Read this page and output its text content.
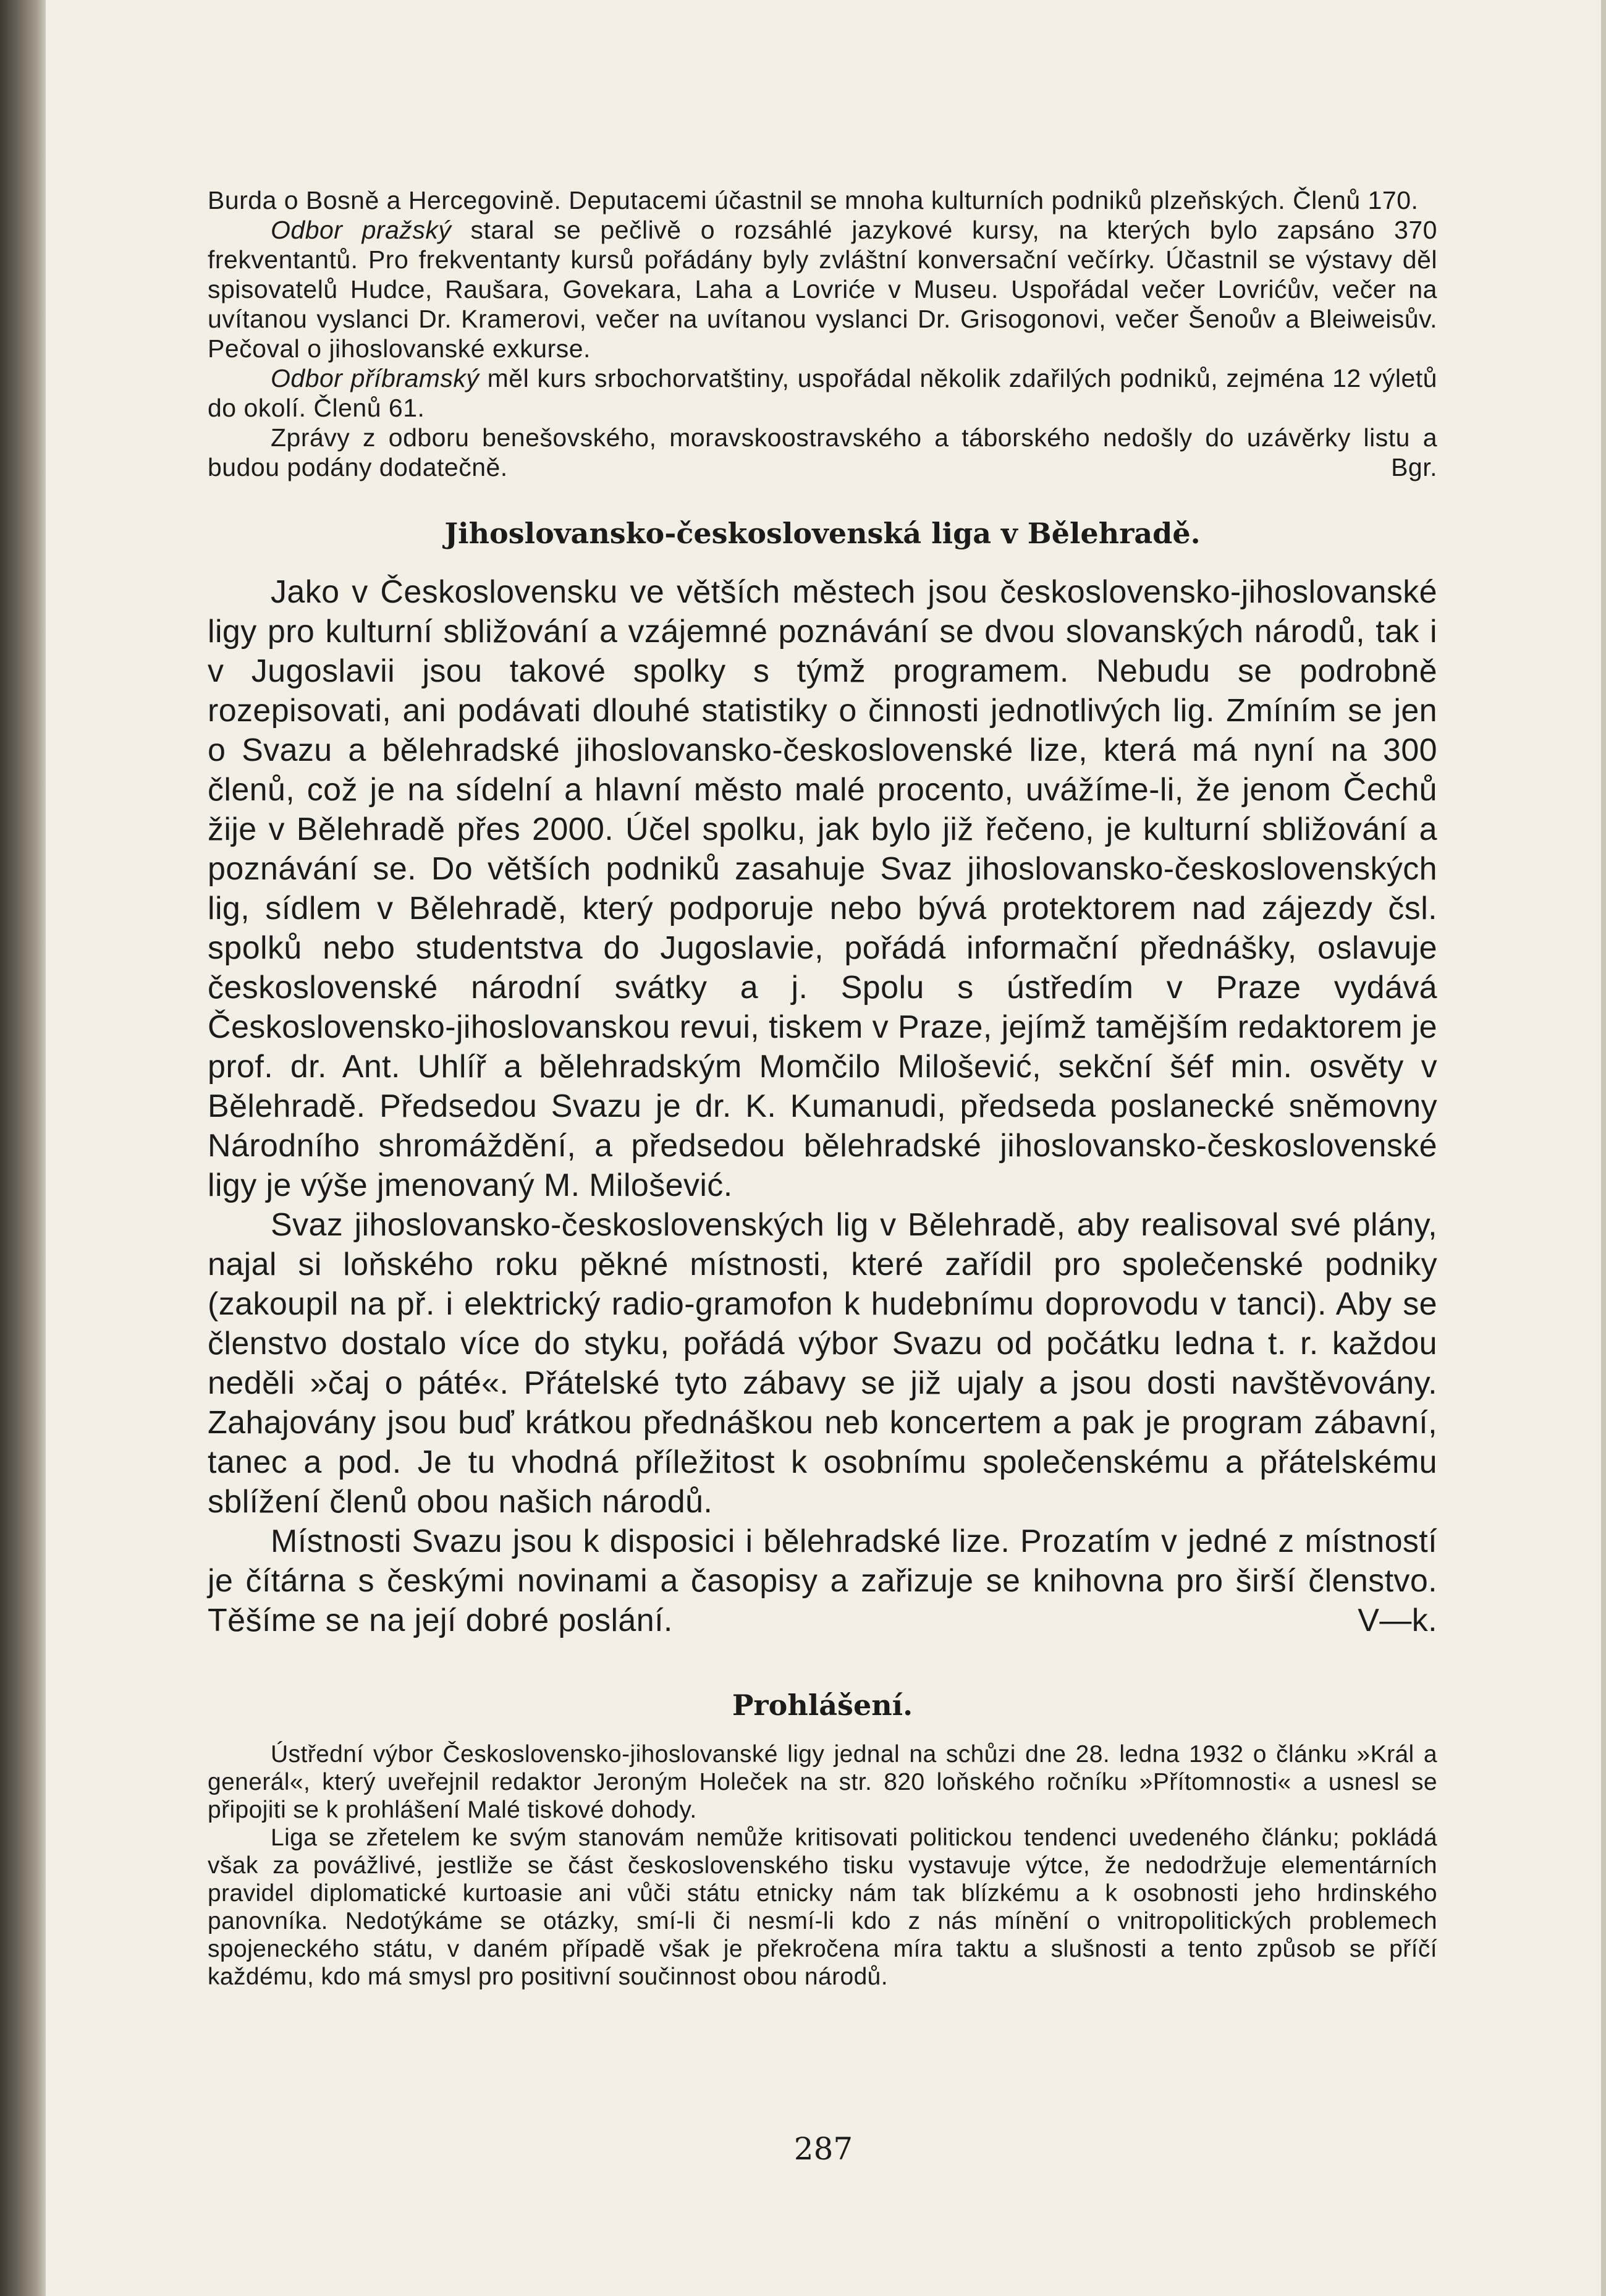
Burda o Bosně a Hercegovině. Deputacemi účastnil se mnoha kulturních podniků plzeňských. Členů 170.

Odbor pražský staral se pečlivě o rozsáhlé jazykové kursy, na kterých bylo zapsáno 370 frekventantů. Pro frekventanty kursů pořádány byly zvláštní konversační večírky. Účastnil se výstavy děl spisovatelů Hudce, Raušara, Govekara, Laha a Lovriće v Museu. Uspořádal večer Lovrićův, večer na uvítanou vyslanci Dr. Kramerovi, večer na uvítanou vyslanci Dr. Grisogonovi, večer Šenoův a Bleiweisův. Pečoval o jihoslovanské exkurse.

Odbor příbramský měl kurs srbochorvatštiny, uspořádal několik zdařilých podniků, zejména 12 výletů do okolí. Členů 61.

Zprávy z odboru benešovského, moravskoostravského a táborského nedošly do uzávěrky listu a budou podány dodatečně.	Bgr.

Jihoslovansko-československá liga v Bělehradě.

Jako v Československu ve větších městech jsou československo-jihoslovanské ligy pro kulturní sbližování a vzájemné poznávání se dvou slovanských národů, tak i v Jugoslavii jsou takové spolky s týmž programem. Nebudu se podrobně rozepisovati, ani podávati dlouhé statistiky o činnosti jednotlivých lig. Zmíním se jen o Svazu a bělehradské jihoslovansko-československé lize, která má nyní na 300 členů, což je na sídelní a hlavní město malé procento, uvážíme-li, že jenom Čechů žije v Bělehradě přes 2000. Účel spolku, jak bylo již řečeno, je kulturní sbližování a poznávání se. Do větších podniků zasahuje Svaz jihoslovansko-československých lig, sídlem v Bělehradě, který podporuje nebo bývá protektorem nad zájezdy čsl. spolků nebo studentstva do Jugoslavie, pořádá informační přednášky, oslavuje československé národní svátky a j. Spolu s ústředím v Praze vydává Československo-jihoslovanskou revui, tiskem v Praze, jejímž tamějším redaktorem je prof. dr. Ant. Uhlíř a bělehradským Momčilo Milošević, sekční šéf min. osvěty v Bělehradě. Předsedou Svazu je dr. K. Kumanudi, předseda poslanecké sněmovny Národního shromáždění, a předsedou bělehradské jihoslovansko-československé ligy je výše jmenovaný M. Milošević.

Svaz jihoslovansko-československých lig v Bělehradě, aby realisoval své plány, najal si loňského roku pěkné místnosti, které zařídil pro společenské podniky (zakoupil na př. i elektrický radio-gramofon k hudebnímu doprovodu v tanci). Aby se členstvo dostalo více do styku, pořádá výbor Svazu od počátku ledna t. r. každou neděli »čaj o páté«. Přátelské tyto zábavy se již ujaly a jsou dosti navštěvovány. Zahajovány jsou buď krátkou přednáškou neb koncertem a pak je program zábavní, tanec a pod. Je tu vhodná příležitost k osobnímu společenskému a přátelskému sblížení členů obou našich národů.

Místnosti Svazu jsou k disposici i bělehradské lize. Prozatím v jedné z místností je čítárna s českými novinami a časopisy a zařizuje se knihovna pro širší členstvo. Těšíme se na její dobré poslání.	V—k.

Prohlášení.

Ústřední výbor Československo-jihoslovanské ligy jednal na schůzi dne 28. ledna 1932 o článku »Král a generál«, který uveřejnil redaktor Jeroným Holeček na str. 820 loňského ročníku »Přítomnosti« a usnesl se připojiti se k prohlášení Malé tiskové dohody.

Liga se zřetelem ke svým stanovám nemůže kritisovati politickou tendenci uvedeného článku; pokládá však za povážlivé, jestliže se část československého tisku vystavuje výtce, že nedodržuje elementárních pravidel diplomatické kurtoasie ani vůči státu etnicky nám tak blízkému a k osobnosti jeho hrdinského panovníka. Nedotýkáme se otázky, smí-li či nesmí-li kdo z nás mínění o vnitropolitických problemech spojeneckého státu, v daném případě však je překročena míra taktu a slušnosti a tento způsob se příčí každému, kdo má smysl pro positivní součinnost obou národů.

287
